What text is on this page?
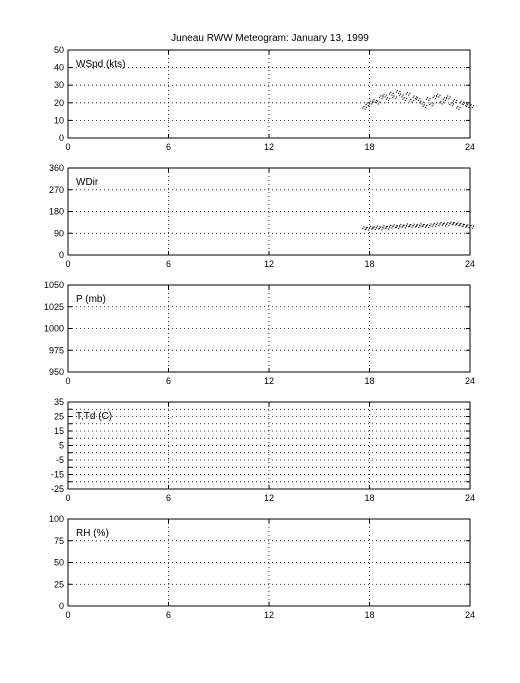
Juneau RWW Meteogram: January 13, 1999
0	6	12	18	24
0
10
20
30
40
50
WSpd (kts)
0	6	12	18	24
0
90
180
270
360
WDir
0	6	12	18	24
950
975
1000
1025
1050
P (mb)
0	6	12	18	24
-25
-15
-5
5
15
25
35
T,Td (C)
0	6	12	18	24
0
25
50
75
100
RH (%)
